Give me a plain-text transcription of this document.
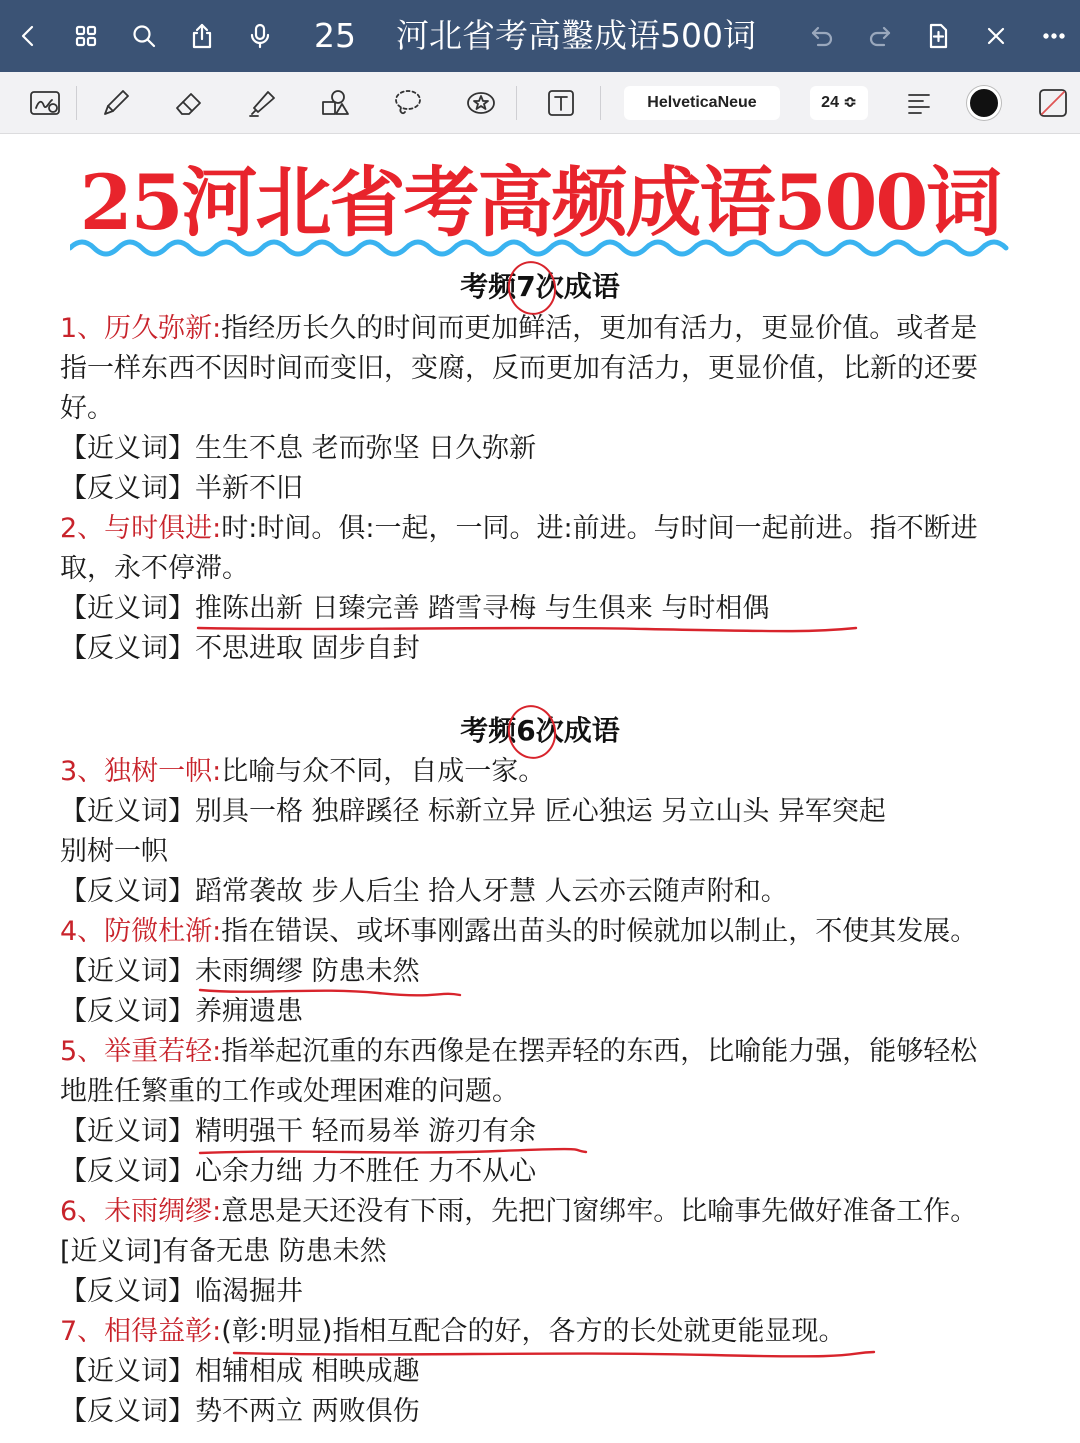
25 河北省考高鑿成语500词
HelveticaNeue	24 ≎
25河北省考高频成语500词
考频7次成语
1、历久弥新:指经历长久的时间而更加鲜活，更加有活力，更显价值。或者是
指一样东西不因时间而变旧，变腐，反而更加有活力，更显价值，比新的还要
好。
【近义词】生生不息 老而弥坚 日久弥新
【反义词】半新不旧
2、与时俱进:时:时间。俱:一起，一同。进:前进。与时间一起前进。指不断进
取，永不停滞。
【近义词】推陈出新 日臻完善 踏雪寻梅 与生俱来 与时相偶
【反义词】不思进取 固步自封
考频6次成语
3、独树一帜:比喻与众不同，自成一家。
【近义词】别具一格 独辟蹊径 标新立异 匠心独运 另立山头 异军突起
别树一帜
【反义词】蹈常袭故 步人后尘 拾人牙慧 人云亦云随声附和。
4、防微杜渐:指在错误、或坏事刚露出苗头的时候就加以制止，不使其发展。
【近义词】未雨绸缪 防患未然
【反义词】养痈遗患
5、举重若轻:指举起沉重的东西像是在摆弄轻的东西，比喻能力强，能够轻松
地胜任繁重的工作或处理困难的问题。
【近义词】精明强干 轻而易举 游刃有余
【反义词】心余力绌 力不胜任 力不从心
6、未雨绸缪:意思是天还没有下雨，先把门窗绑牢。比喻事先做好准备工作。
[近义词]有备无患 防患未然
【反义词】临渴掘井
7、相得益彰:(彰:明显)指相互配合的好，各方的长处就更能显现。
【近义词】相辅相成 相映成趣
【反义词】势不两立 两败俱伤
